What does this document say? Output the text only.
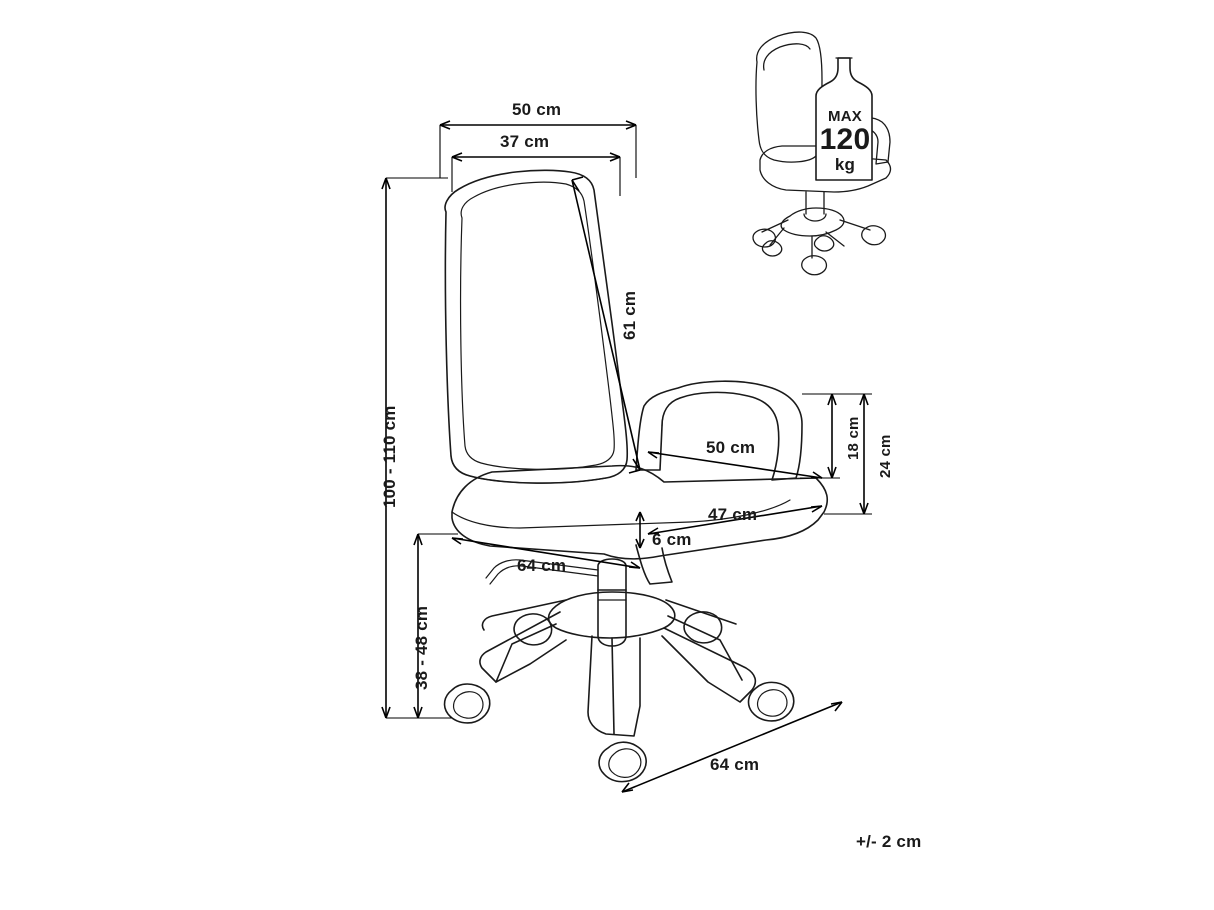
50 cm
37 cm
61 cm
100 - 110 cm
38 - 48 cm
50 cm
47 cm
18 cm 24 cm
6 cm
64 cm
64 cm
+/- 2 cm
MAX
120
kg
